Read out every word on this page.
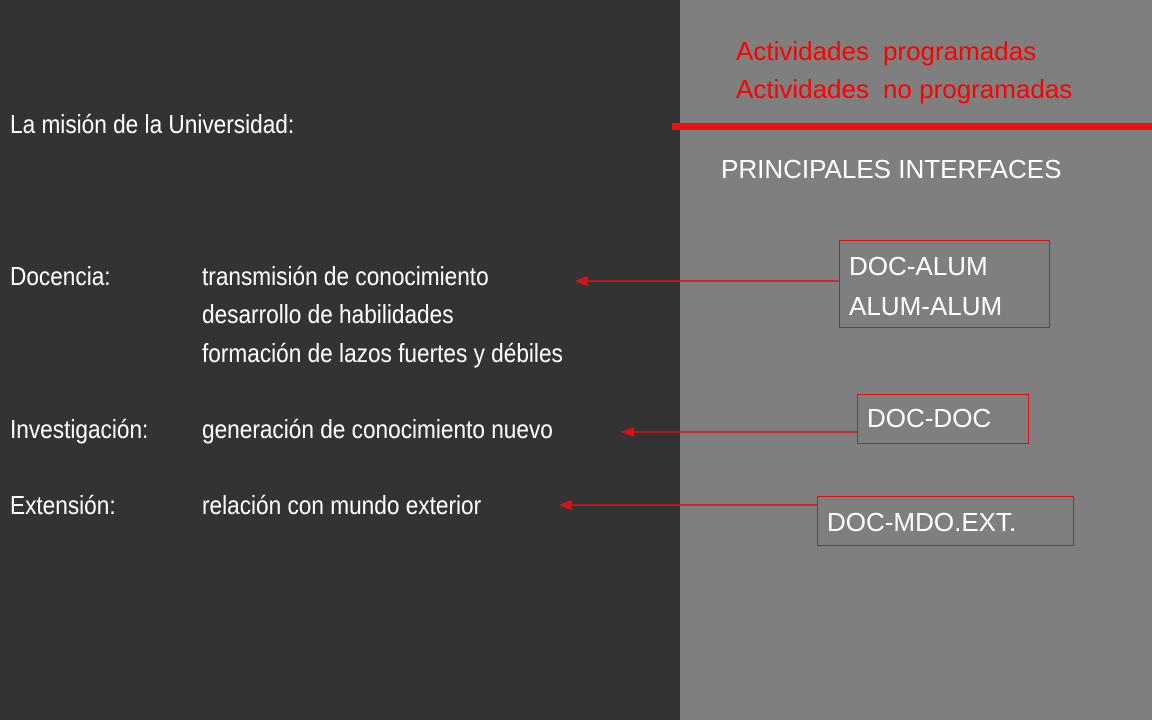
La misión de la Universidad:
Docencia:	transmisión de conocimiento
desarrollo de habilidades
formación de lazos fuertes y débiles
Investigación: generación de conocimiento nuevo
Extensión:	relación con mundo exterior
Actividades programadas
Actividades no programadas
PRINCIPALES INTERFACES
DOC-ALUM
ALUM-ALUM
DOC-DOC
DOC-MDO.EXT.
